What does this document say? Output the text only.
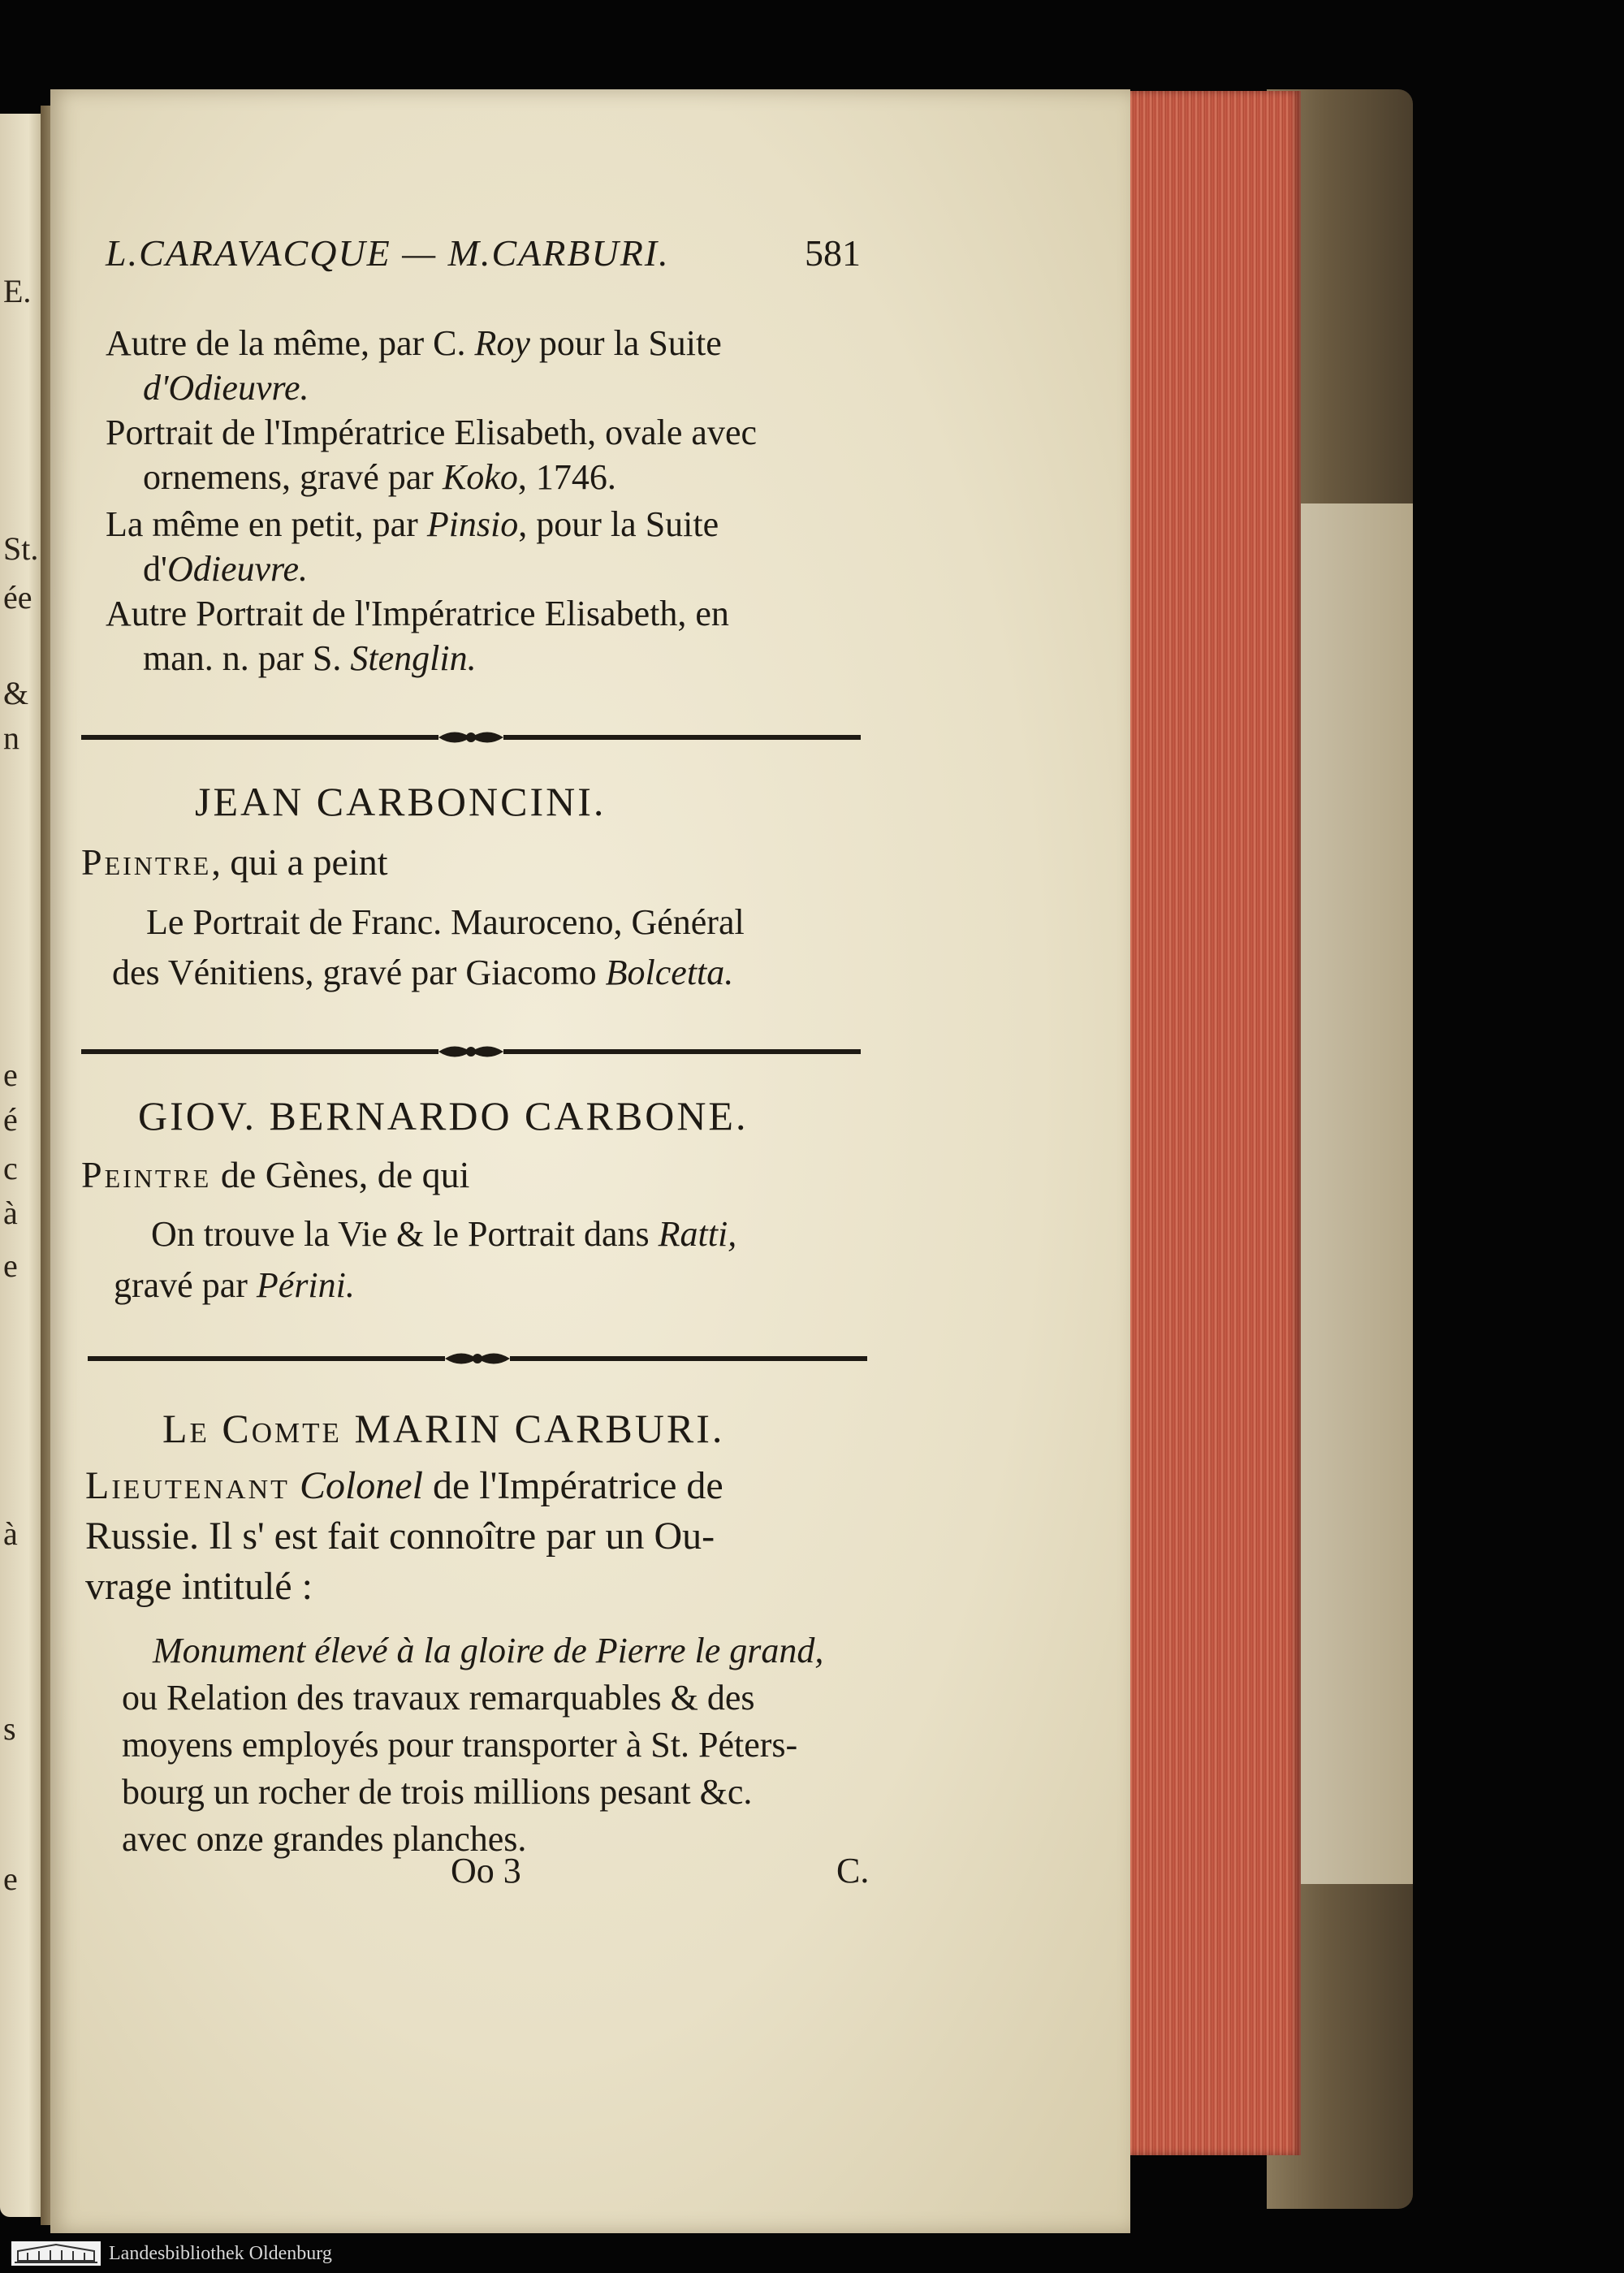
E.
St.
ée
&
n
e
é
c
à
e
à
s
e
L.CARAVACQUE — M.CARBURI.	581
Autre de la même, par C. Roy pour la Suite
d'Odieuvre.
Portrait de l'Impératrice Elisabeth, ovale avec
ornemens, gravé par Koko, 1746.
La même en petit, par Pinsio, pour la Suite
d'Odieuvre.
Autre Portrait de l'Impératrice Elisabeth, en
man. n. par S. Stenglin.
JEAN CARBONCINI.
Peintre, qui a peint
Le Portrait de Franc. Mauroceno, Général
des Vénitiens, gravé par Giacomo Bolcetta.
GIOV. BERNARDO CARBONE.
Peintre de Gènes, de qui
On trouve la Vie & le Portrait dans Ratti,
gravé par Périni.
Le Comte MARIN CARBURI.
Lieutenant Colonel de l'Impératrice de
Russie. Il s' est fait connoître par un Ou-
vrage intitulé :
Monument élevé à la gloire de Pierre le grand,
ou Relation des travaux remarquables & des
moyens employés pour transporter à St. Péters-
bourg un rocher de trois millions pesant &c.
avec onze grandes planches.
Oo 3	C.
Landesbibliothek Oldenburg
